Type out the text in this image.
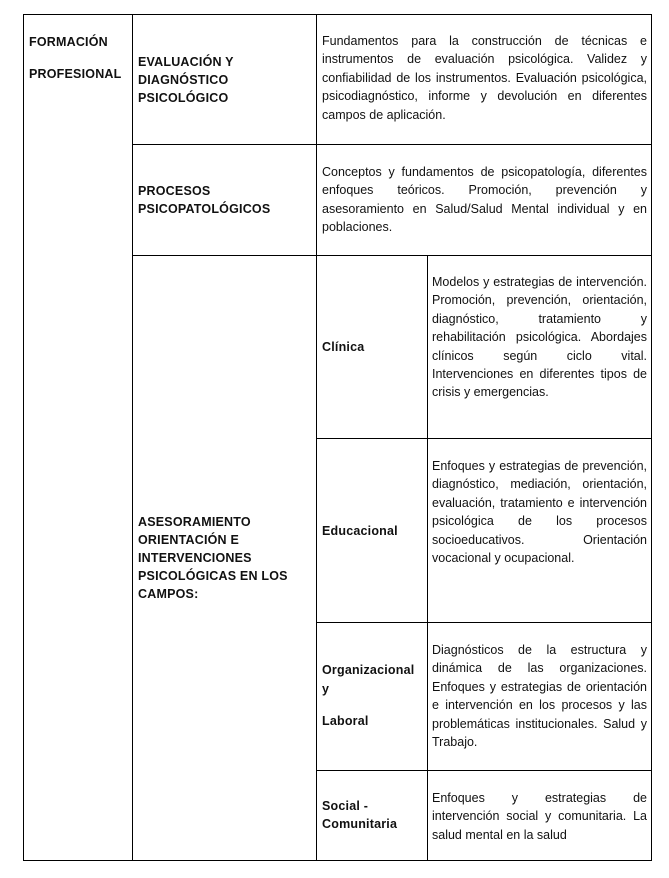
FORMACIÓN
PROFESIONAL
EVALUACIÓN Y DIAGNÓSTICO PSICOLÓGICO
Fundamentos para la construcción de técnicas e instrumentos de evaluación psicológica. Validez y confiabilidad de los instrumentos. Evaluación psicológica, psicodiagnóstico, informe y devolución en diferentes campos de aplicación.
PROCESOS PSICOPATOLÓGICOS
Conceptos y fundamentos de psicopatología, diferentes enfoques teóricos. Promoción, prevención y asesoramiento en Salud/Salud Mental individual y en poblaciones.
ASESORAMIENTO ORIENTACIÓN E INTERVENCIONES PSICOLÓGICAS EN LOS CAMPOS:
Clínica
Modelos y estrategias de intervención. Promoción, prevención, orientación, diagnóstico, tratamiento y rehabilitación psicológica. Abordajes clínicos según ciclo vital. Intervenciones en diferentes tipos de crisis y emergencias.
Educacional
Enfoques y estrategias de prevención, diagnóstico, mediación, orientación, evaluación, tratamiento e intervención psicológica de los procesos socioeducativos. Orientación vocacional y ocupacional.
Organizacional
y
Laboral
Diagnósticos de la estructura y dinámica de las organizaciones. Enfoques y estrategias de orientación e intervención en los procesos y las problemáticas institucionales. Salud y Trabajo.
Social -
Comunitaria
Enfoques y estrategias de intervención social y comunitaria. La salud mental en la salud
